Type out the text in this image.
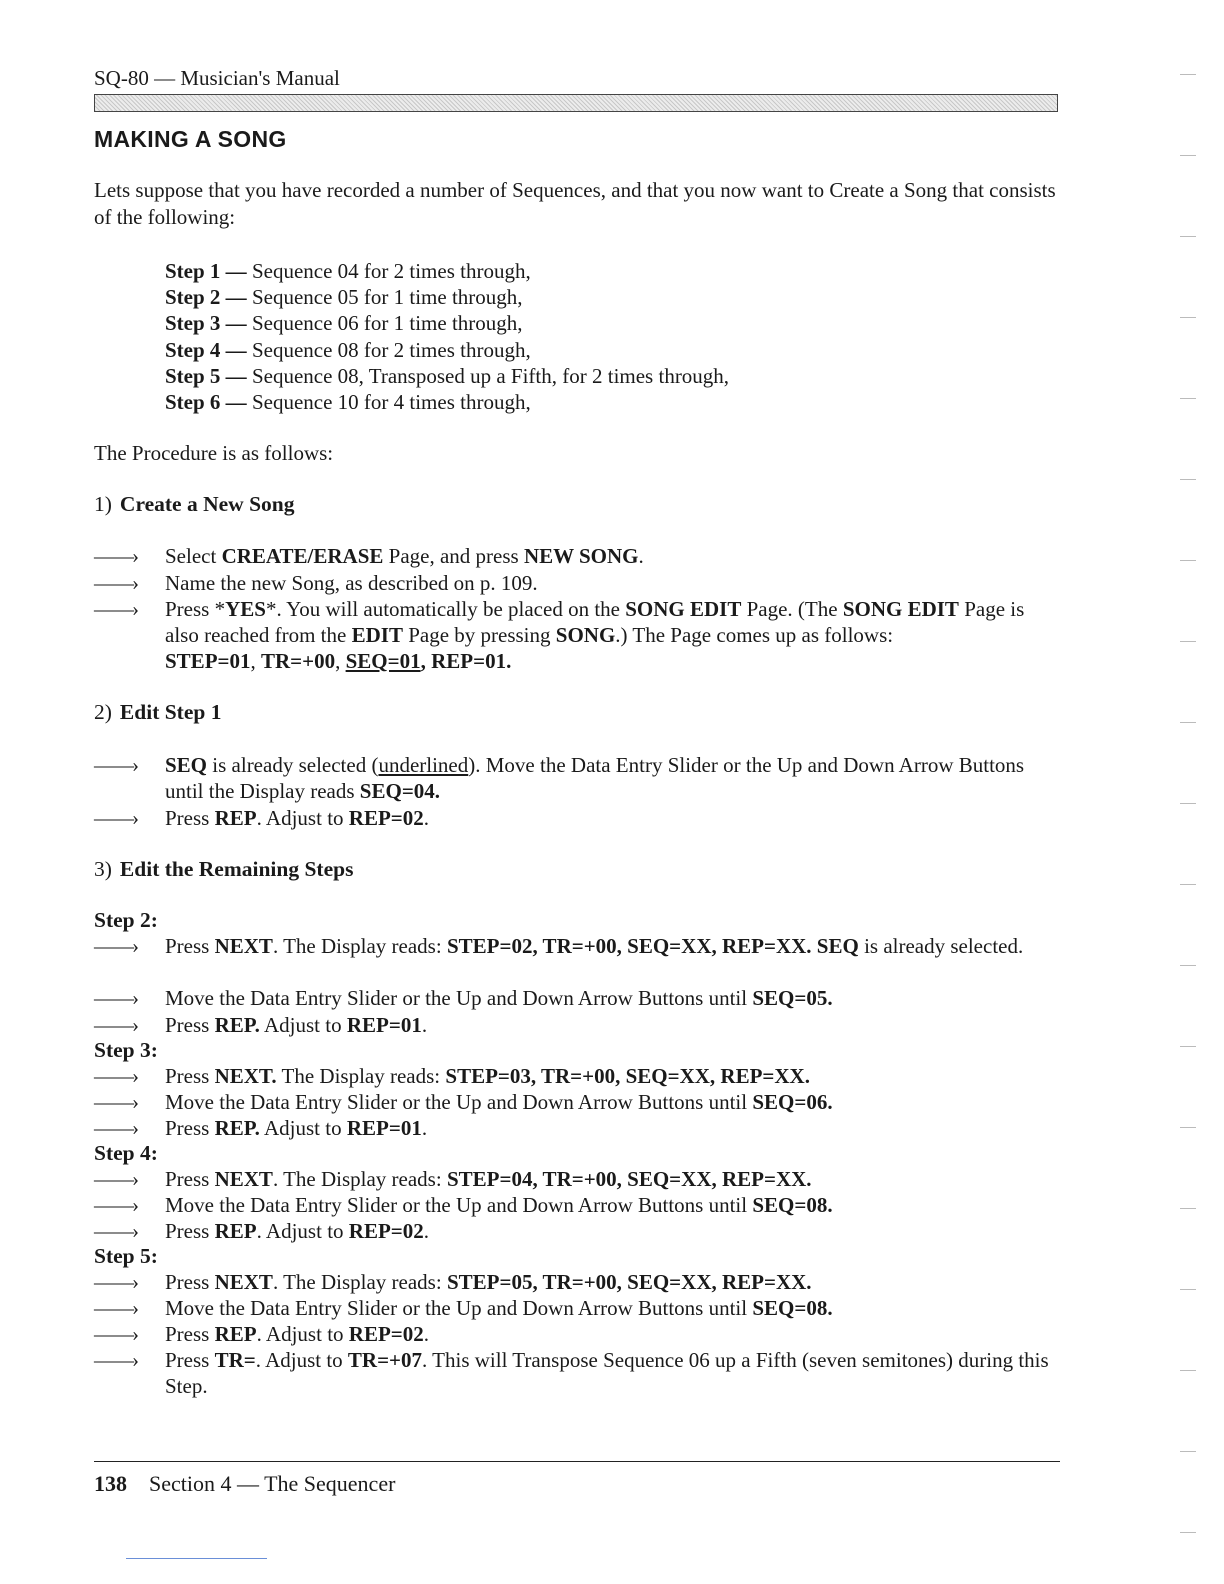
SQ-80 — Musician's Manual
MAKING A SONG
Lets suppose that you have recorded a number of Sequences, and that you now want to Create a Song that consists of the following:
Step 1 — Sequence 04 for 2 times through,
Step 2 — Sequence 05 for 1 time through,
Step 3 — Sequence 06 for 1 time through,
Step 4 — Sequence 08 for 2 times through,
Step 5 — Sequence 08, Transposed up a Fifth, for 2 times through,
Step 6 — Sequence 10 for 4 times through,
The Procedure is as follows:
1) Create a New Song
——›	Select CREATE/ERASE Page, and press NEW SONG.
——›	Name the new Song, as described on p. 109.
——›	Press *YES*. You will automatically be placed on the SONG EDIT Page. (The SONG EDIT Page is also reached from the EDIT Page by pressing SONG.) The Page comes up as follows:
STEP=01, TR=+00, SEQ=01, REP=01.
2) Edit Step 1
——›	SEQ is already selected (underlined). Move the Data Entry Slider or the Up and Down Arrow Buttons until the Display reads SEQ=04.
——›	Press REP. Adjust to REP=02.
3) Edit the Remaining Steps
Step 2:
——›	Press NEXT. The Display reads: STEP=02, TR=+00, SEQ=XX, REP=XX. SEQ is already selected.
——›	Move the Data Entry Slider or the Up and Down Arrow Buttons until SEQ=05.
——›	Press REP. Adjust to REP=01.
Step 3:
——›	Press NEXT. The Display reads: STEP=03, TR=+00, SEQ=XX, REP=XX.
——›	Move the Data Entry Slider or the Up and Down Arrow Buttons until SEQ=06.
——›	Press REP. Adjust to REP=01.
Step 4:
——›	Press NEXT. The Display reads: STEP=04, TR=+00, SEQ=XX, REP=XX.
——›	Move the Data Entry Slider or the Up and Down Arrow Buttons until SEQ=08.
——›	Press REP. Adjust to REP=02.
Step 5:
——›	Press NEXT. The Display reads: STEP=05, TR=+00, SEQ=XX, REP=XX.
——›	Move the Data Entry Slider or the Up and Down Arrow Buttons until SEQ=08.
——›	Press REP. Adjust to REP=02.
——›	Press TR=. Adjust to TR=+07. This will Transpose Sequence 06 up a Fifth (seven semitones) during this Step.
138 Section 4 — The Sequencer
